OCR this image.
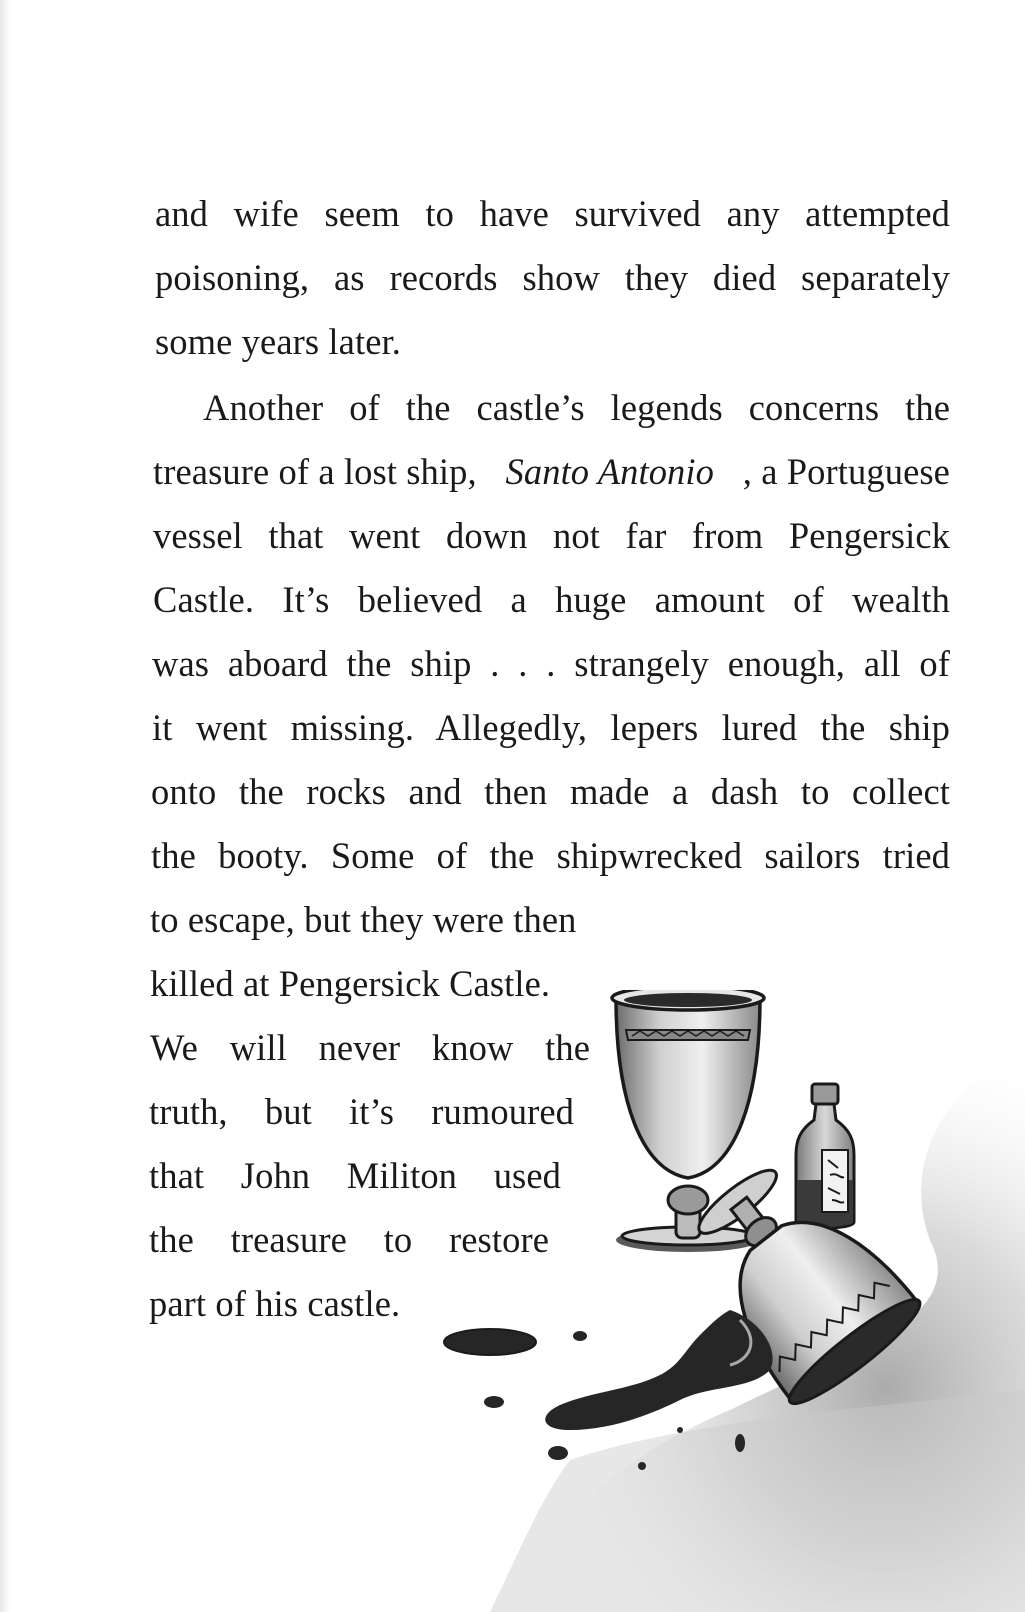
and wife seem to have survived any attempted
poisoning, as records show they died separately
some years later.
Another of the castle’s legends concerns the
treasure of a lost ship, Santo Antonio , a Portuguese
vessel that went down not far from Pengersick
Castle. It’s believed a huge amount of wealth
was aboard the ship . . . strangely enough, all of
it went missing. Allegedly, lepers lured the ship
onto the rocks and then made a dash to collect
the booty. Some of the shipwrecked sailors tried
to escape, but they were then
killed at Pengersick Castle.
We will never know the
truth, but it’s rumoured
that John Militon used
the treasure to restore
part of his castle.
